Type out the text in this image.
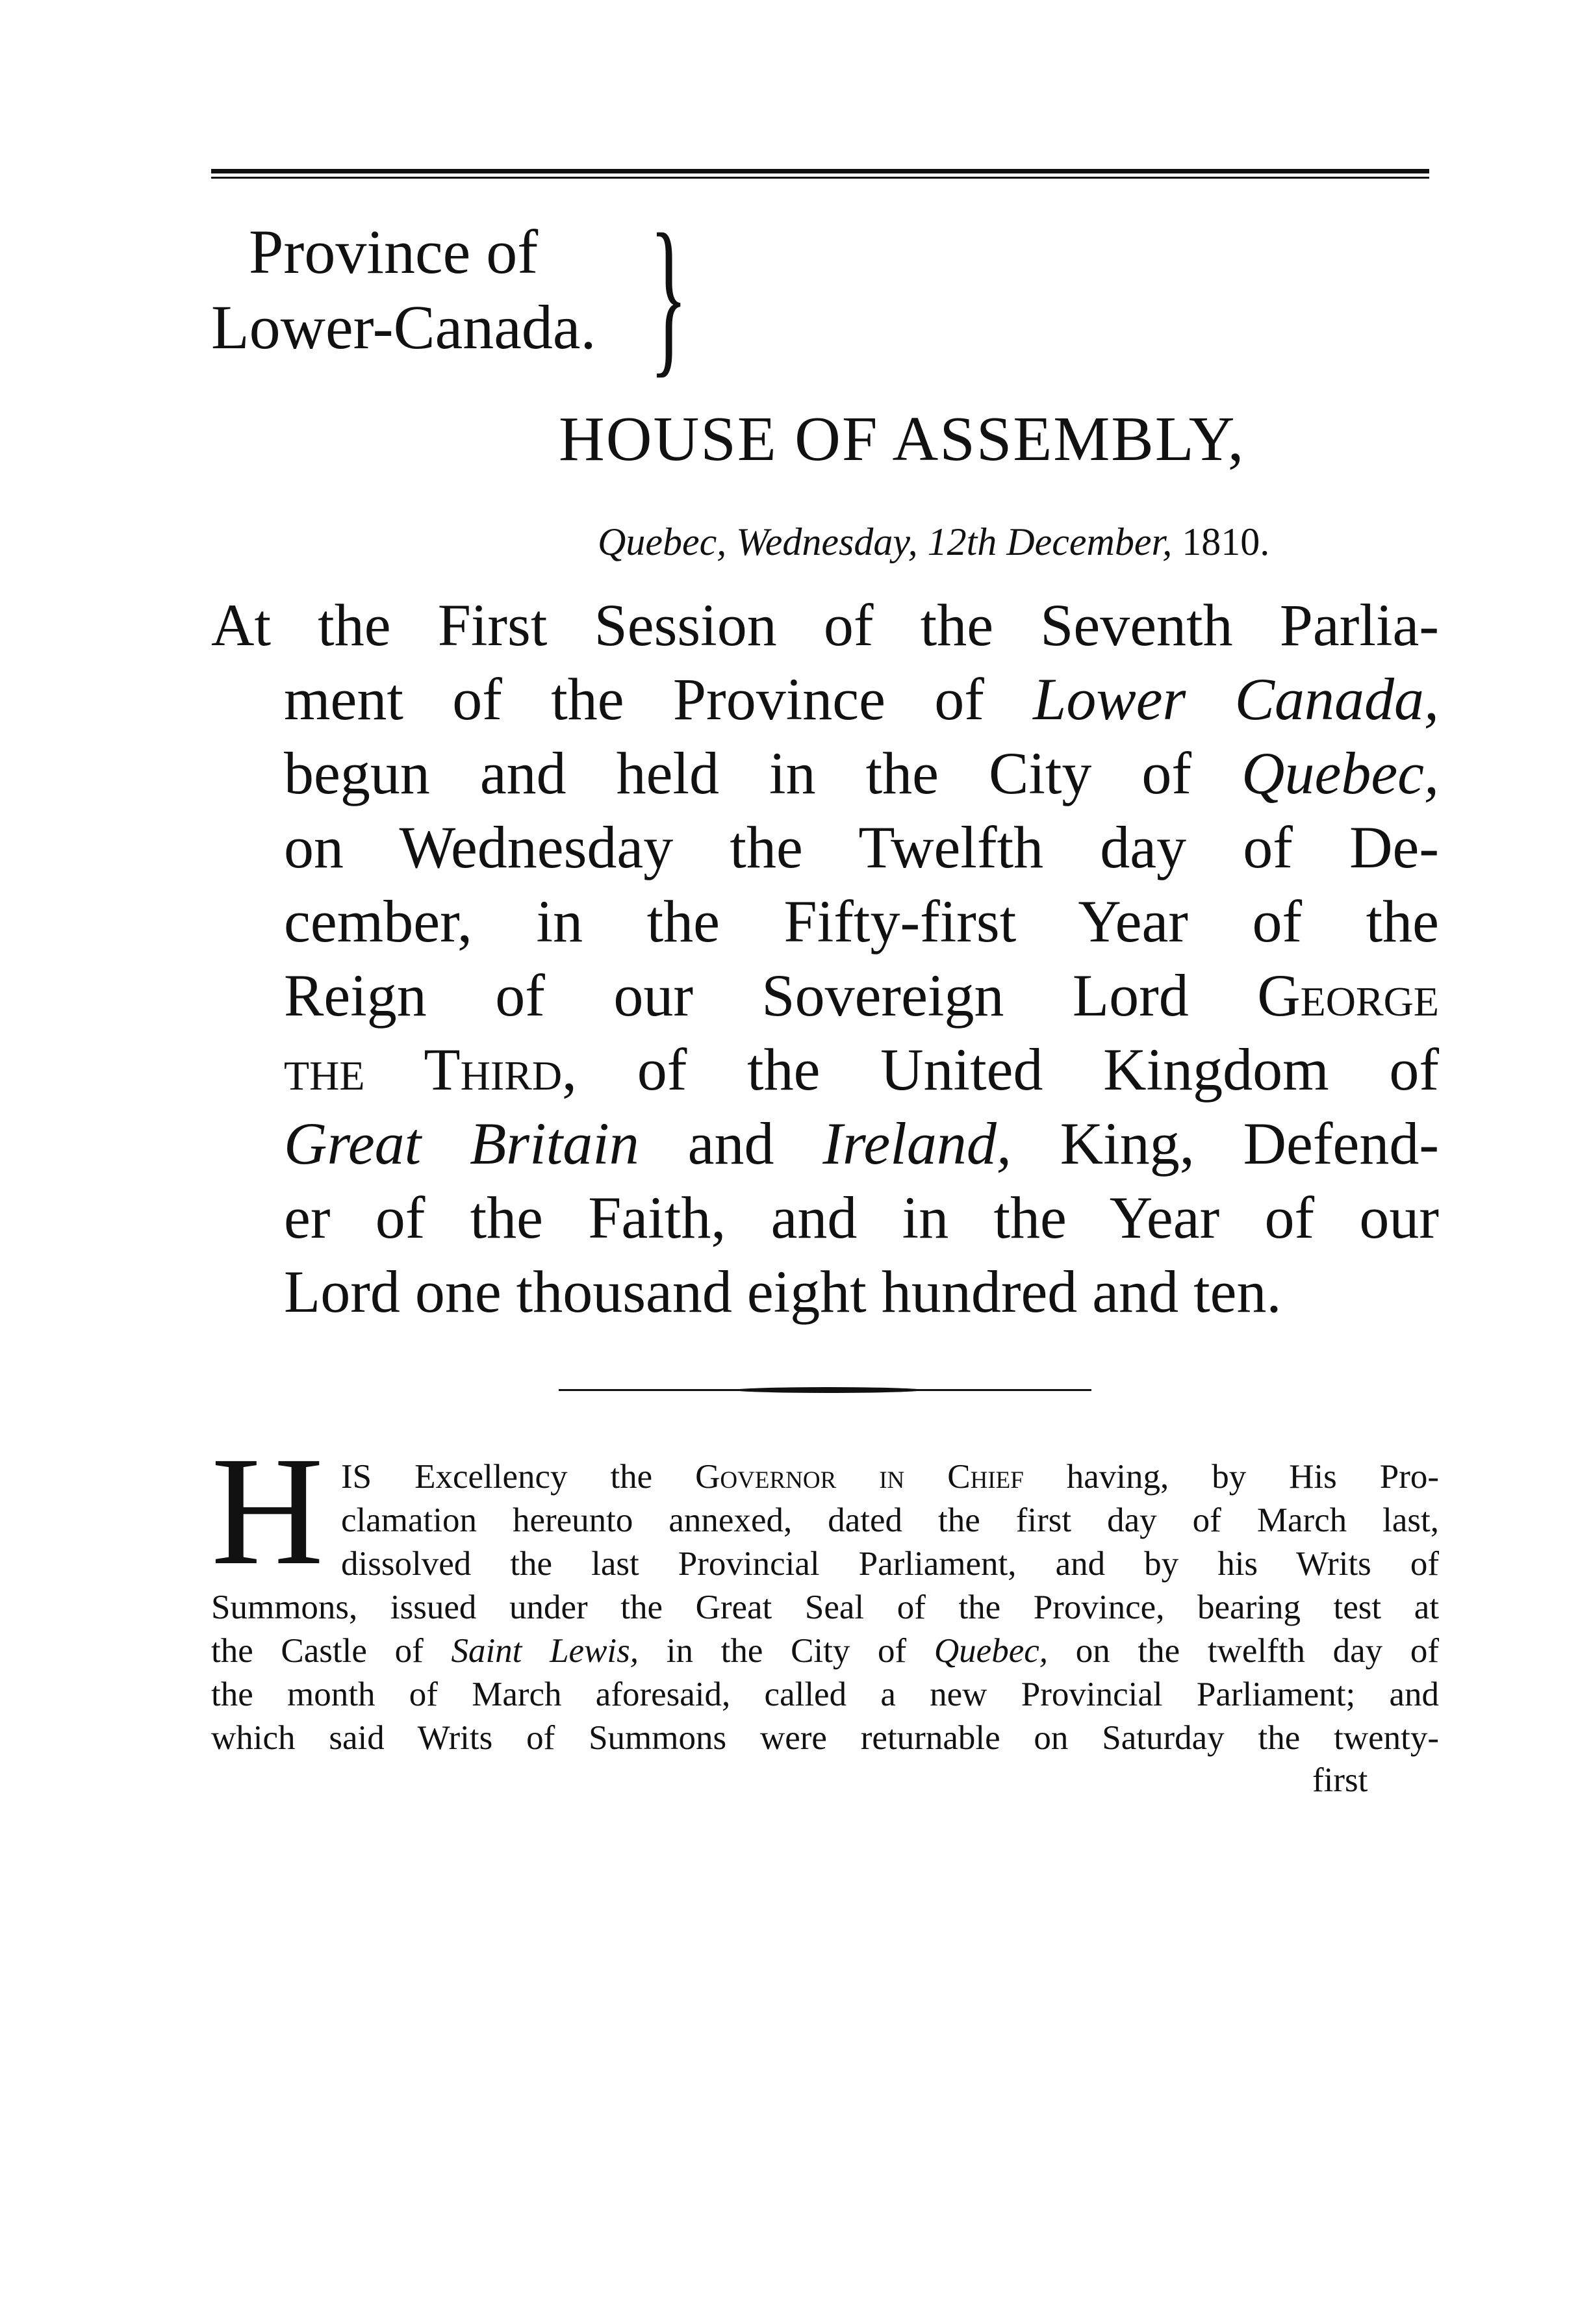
Province of
Lower-Canada. }
HOUSE OF ASSEMBLY,
Quebec, Wednesday, 12th December, 1810.
At the First Session of the Seventh Parlia-
ment of the Province of Lower Canada,
begun and held in the City of Quebec,
on Wednesday the Twelfth day of De-
cember, in the Fifty-first Year of the
Reign of our Sovereign Lord George
the Third, of the United Kingdom of
Great Britain and Ireland, King, Defend-
er of the Faith, and in the Year of our
Lord one thousand eight hundred and ten.
H IS Excellency the Governor in Chief having, by His Pro-
clamation hereunto annexed, dated the first day of March last,
dissolved the last Provincial Parliament, and by his Writs of
Summons, issued under the Great Seal of the Province, bearing test at
the Castle of Saint Lewis, in the City of Quebec, on the twelfth day of
the month of March aforesaid, called a new Provincial Parliament; and
which said Writs of Summons were returnable on Saturday the twenty-
first
